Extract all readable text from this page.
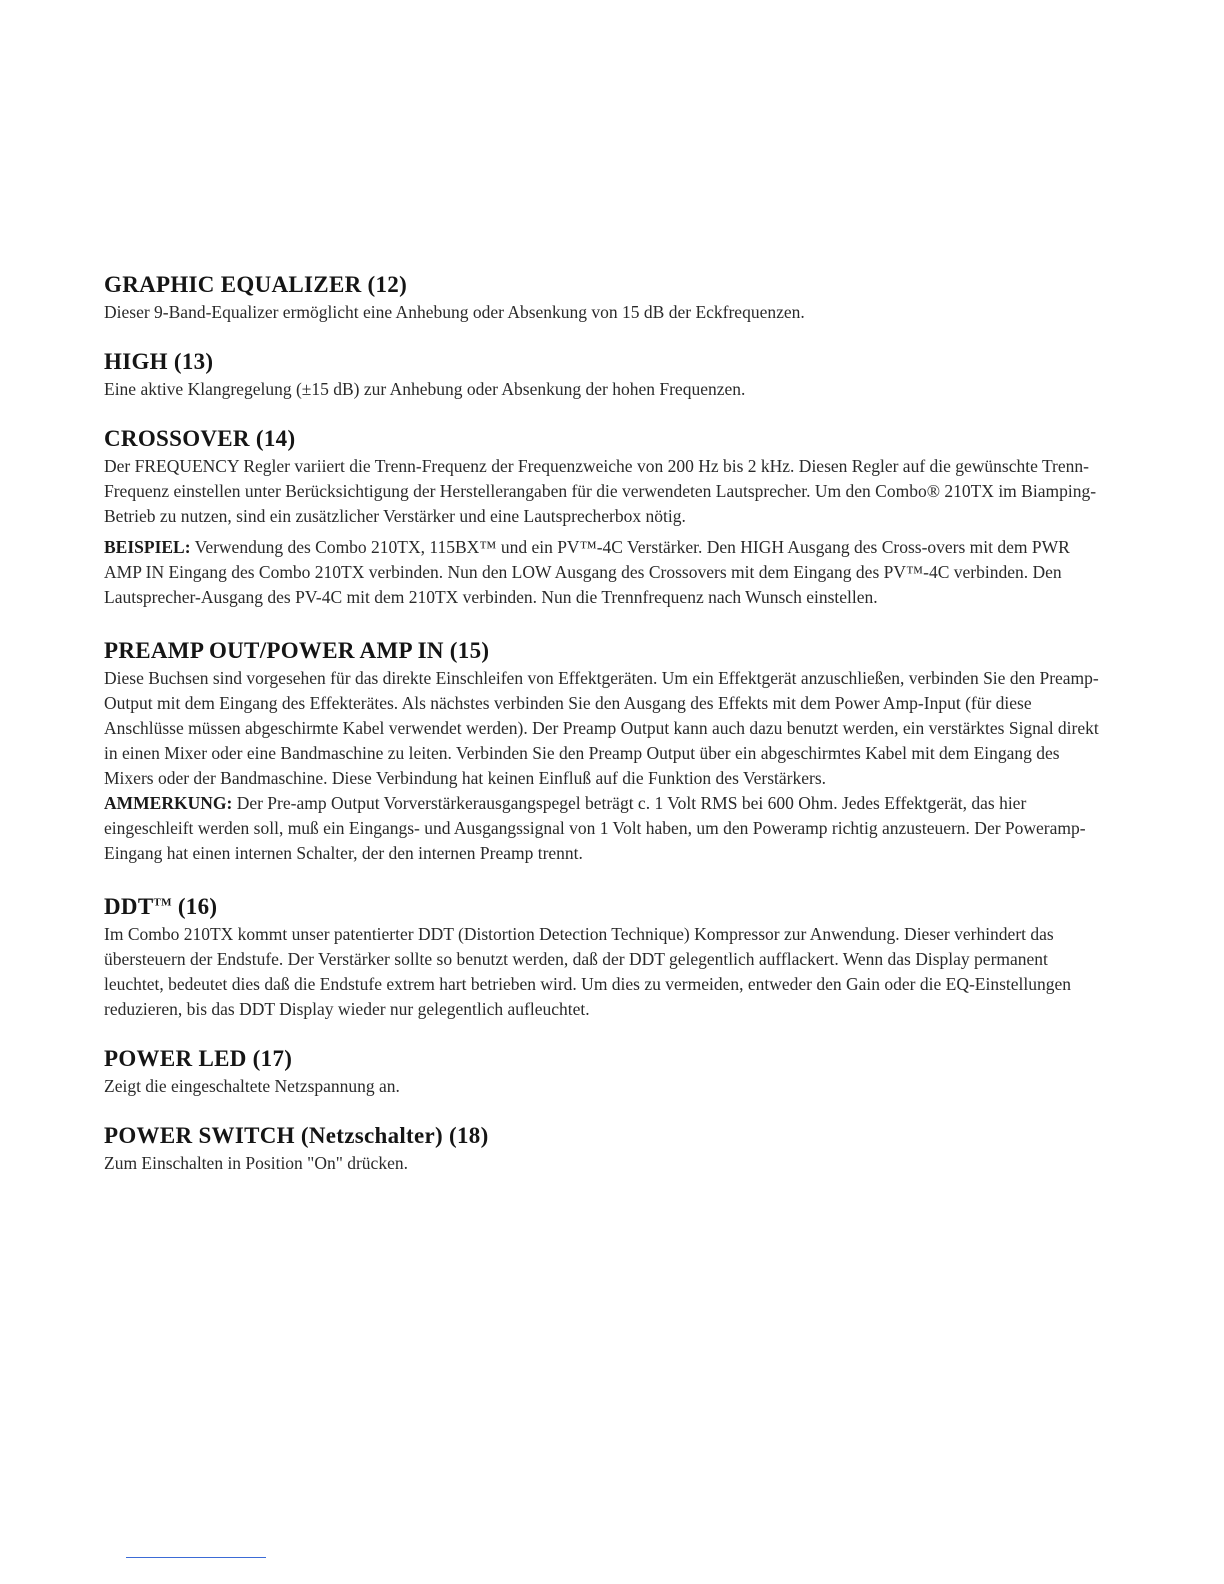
GRAPHIC EQUALIZER (12)

Dieser 9-Band-Equalizer ermöglicht eine Anhebung oder Absenkung von 15 dB der Eckfrequenzen.

HIGH (13)

Eine aktive Klangregelung (±15 dB) zur Anhebung oder Absenkung der hohen Frequenzen.

CROSSOVER (14)

Der FREQUENCY Regler variiert die Trenn-Frequenz der Frequenzweiche von 200 Hz bis 2 kHz. Diesen Regler auf die gewünschte Trenn-Frequenz einstellen unter Berücksichtigung der Herstellerangaben für die verwendeten Lautsprecher. Um den Combo® 210TX im Biamping-Betrieb zu nutzen, sind ein zusätzlicher Verstärker und eine Lautsprecherbox nötig.

BEISPIEL: Verwendung des Combo 210TX, 115BX™ und ein PV™-4C Verstärker. Den HIGH Ausgang des Cross-overs mit dem PWR AMP IN Eingang des Combo 210TX verbinden. Nun den LOW Ausgang des Crossovers mit dem Eingang des PV™-4C verbinden. Den Lautsprecher-Ausgang des PV-4C mit dem 210TX verbinden. Nun die Trennfrequenz nach Wunsch einstellen.

PREAMP OUT/POWER AMP IN (15)

Diese Buchsen sind vorgesehen für das direkte Einschleifen von Effektgeräten. Um ein Effektgerät anzuschließen, verbinden Sie den Preamp-Output mit dem Eingang des Effekterätes. Als nächstes verbinden Sie den Ausgang des Effekts mit dem Power Amp-Input (für diese Anschlüsse müssen abgeschirmte Kabel verwendet werden). Der Preamp Output kann auch dazu benutzt werden, ein verstärktes Signal direkt in einen Mixer oder eine Bandmaschine zu leiten. Verbinden Sie den Preamp Output über ein abgeschirmtes Kabel mit dem Eingang des Mixers oder der Bandmaschine. Diese Verbindung hat keinen Einfluß auf die Funktion des Verstärkers.

AMMERKUNG: Der Pre-amp Output Vorverstärkerausgangspegel beträgt c. 1 Volt RMS bei 600 Ohm. Jedes Effektgerät, das hier eingeschleift werden soll, muß ein Eingangs- und Ausgangssignal von 1 Volt haben, um den Poweramp richtig anzusteuern. Der Poweramp-Eingang hat einen internen Schalter, der den internen Preamp trennt.

DDT™ (16)

Im Combo 210TX kommt unser patentierter DDT (Distortion Detection Technique) Kompressor zur Anwendung. Dieser verhindert das übersteuern der Endstufe. Der Verstärker sollte so benutzt werden, daß der DDT gelegentlich aufflackert. Wenn das Display permanent leuchtet, bedeutet dies daß die Endstufe extrem hart betrieben wird. Um dies zu vermeiden, entweder den Gain oder die EQ-Einstellungen reduzieren, bis das DDT Display wieder nur gelegentlich aufleuchtet.

POWER LED (17)

Zeigt die eingeschaltete Netzspannung an.

POWER SWITCH (Netzschalter) (18)

Zum Einschalten in Position "On" drücken.
